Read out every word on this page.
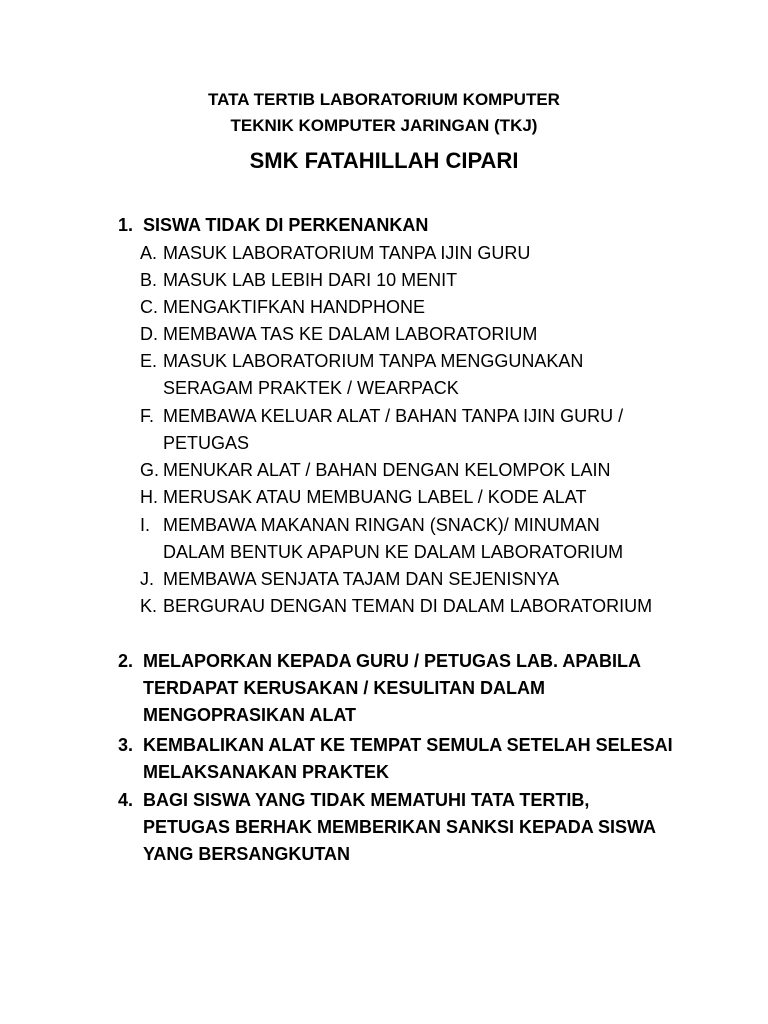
TATA TERTIB LABORATORIUM KOMPUTER
TEKNIK KOMPUTER JARINGAN (TKJ)
SMK FATAHILLAH CIPARI
1. SISWA TIDAK DI PERKENANKAN
A. MASUK LABORATORIUM TANPA IJIN GURU
B. MASUK LAB LEBIH DARI 10 MENIT
C. MENGAKTIFKAN HANDPHONE
D. MEMBAWA TAS KE DALAM LABORATORIUM
E. MASUK LABORATORIUM TANPA MENGGUNAKAN
SERAGAM PRAKTEK / WEARPACK
F. MEMBAWA KELUAR ALAT / BAHAN TANPA IJIN GURU /
PETUGAS
G. MENUKAR ALAT / BAHAN DENGAN KELOMPOK LAIN
H. MERUSAK ATAU MEMBUANG LABEL / KODE ALAT
I. MEMBAWA MAKANAN RINGAN (SNACK)/ MINUMAN
DALAM BENTUK APAPUN KE DALAM LABORATORIUM
J. MEMBAWA SENJATA TAJAM DAN SEJENISNYA
K. BERGURAU DENGAN TEMAN DI DALAM LABORATORIUM
2. MELAPORKAN KEPADA GURU / PETUGAS LAB. APABILA
TERDAPAT KERUSAKAN / KESULITAN DALAM
MENGOPRASIKAN ALAT
3. KEMBALIKAN ALAT KE TEMPAT SEMULA SETELAH SELESAI
MELAKSANAKAN PRAKTEK
4. BAGI SISWA YANG TIDAK MEMATUHI TATA TERTIB,
PETUGAS BERHAK MEMBERIKAN SANKSI KEPADA SISWA
YANG BERSANGKUTAN
